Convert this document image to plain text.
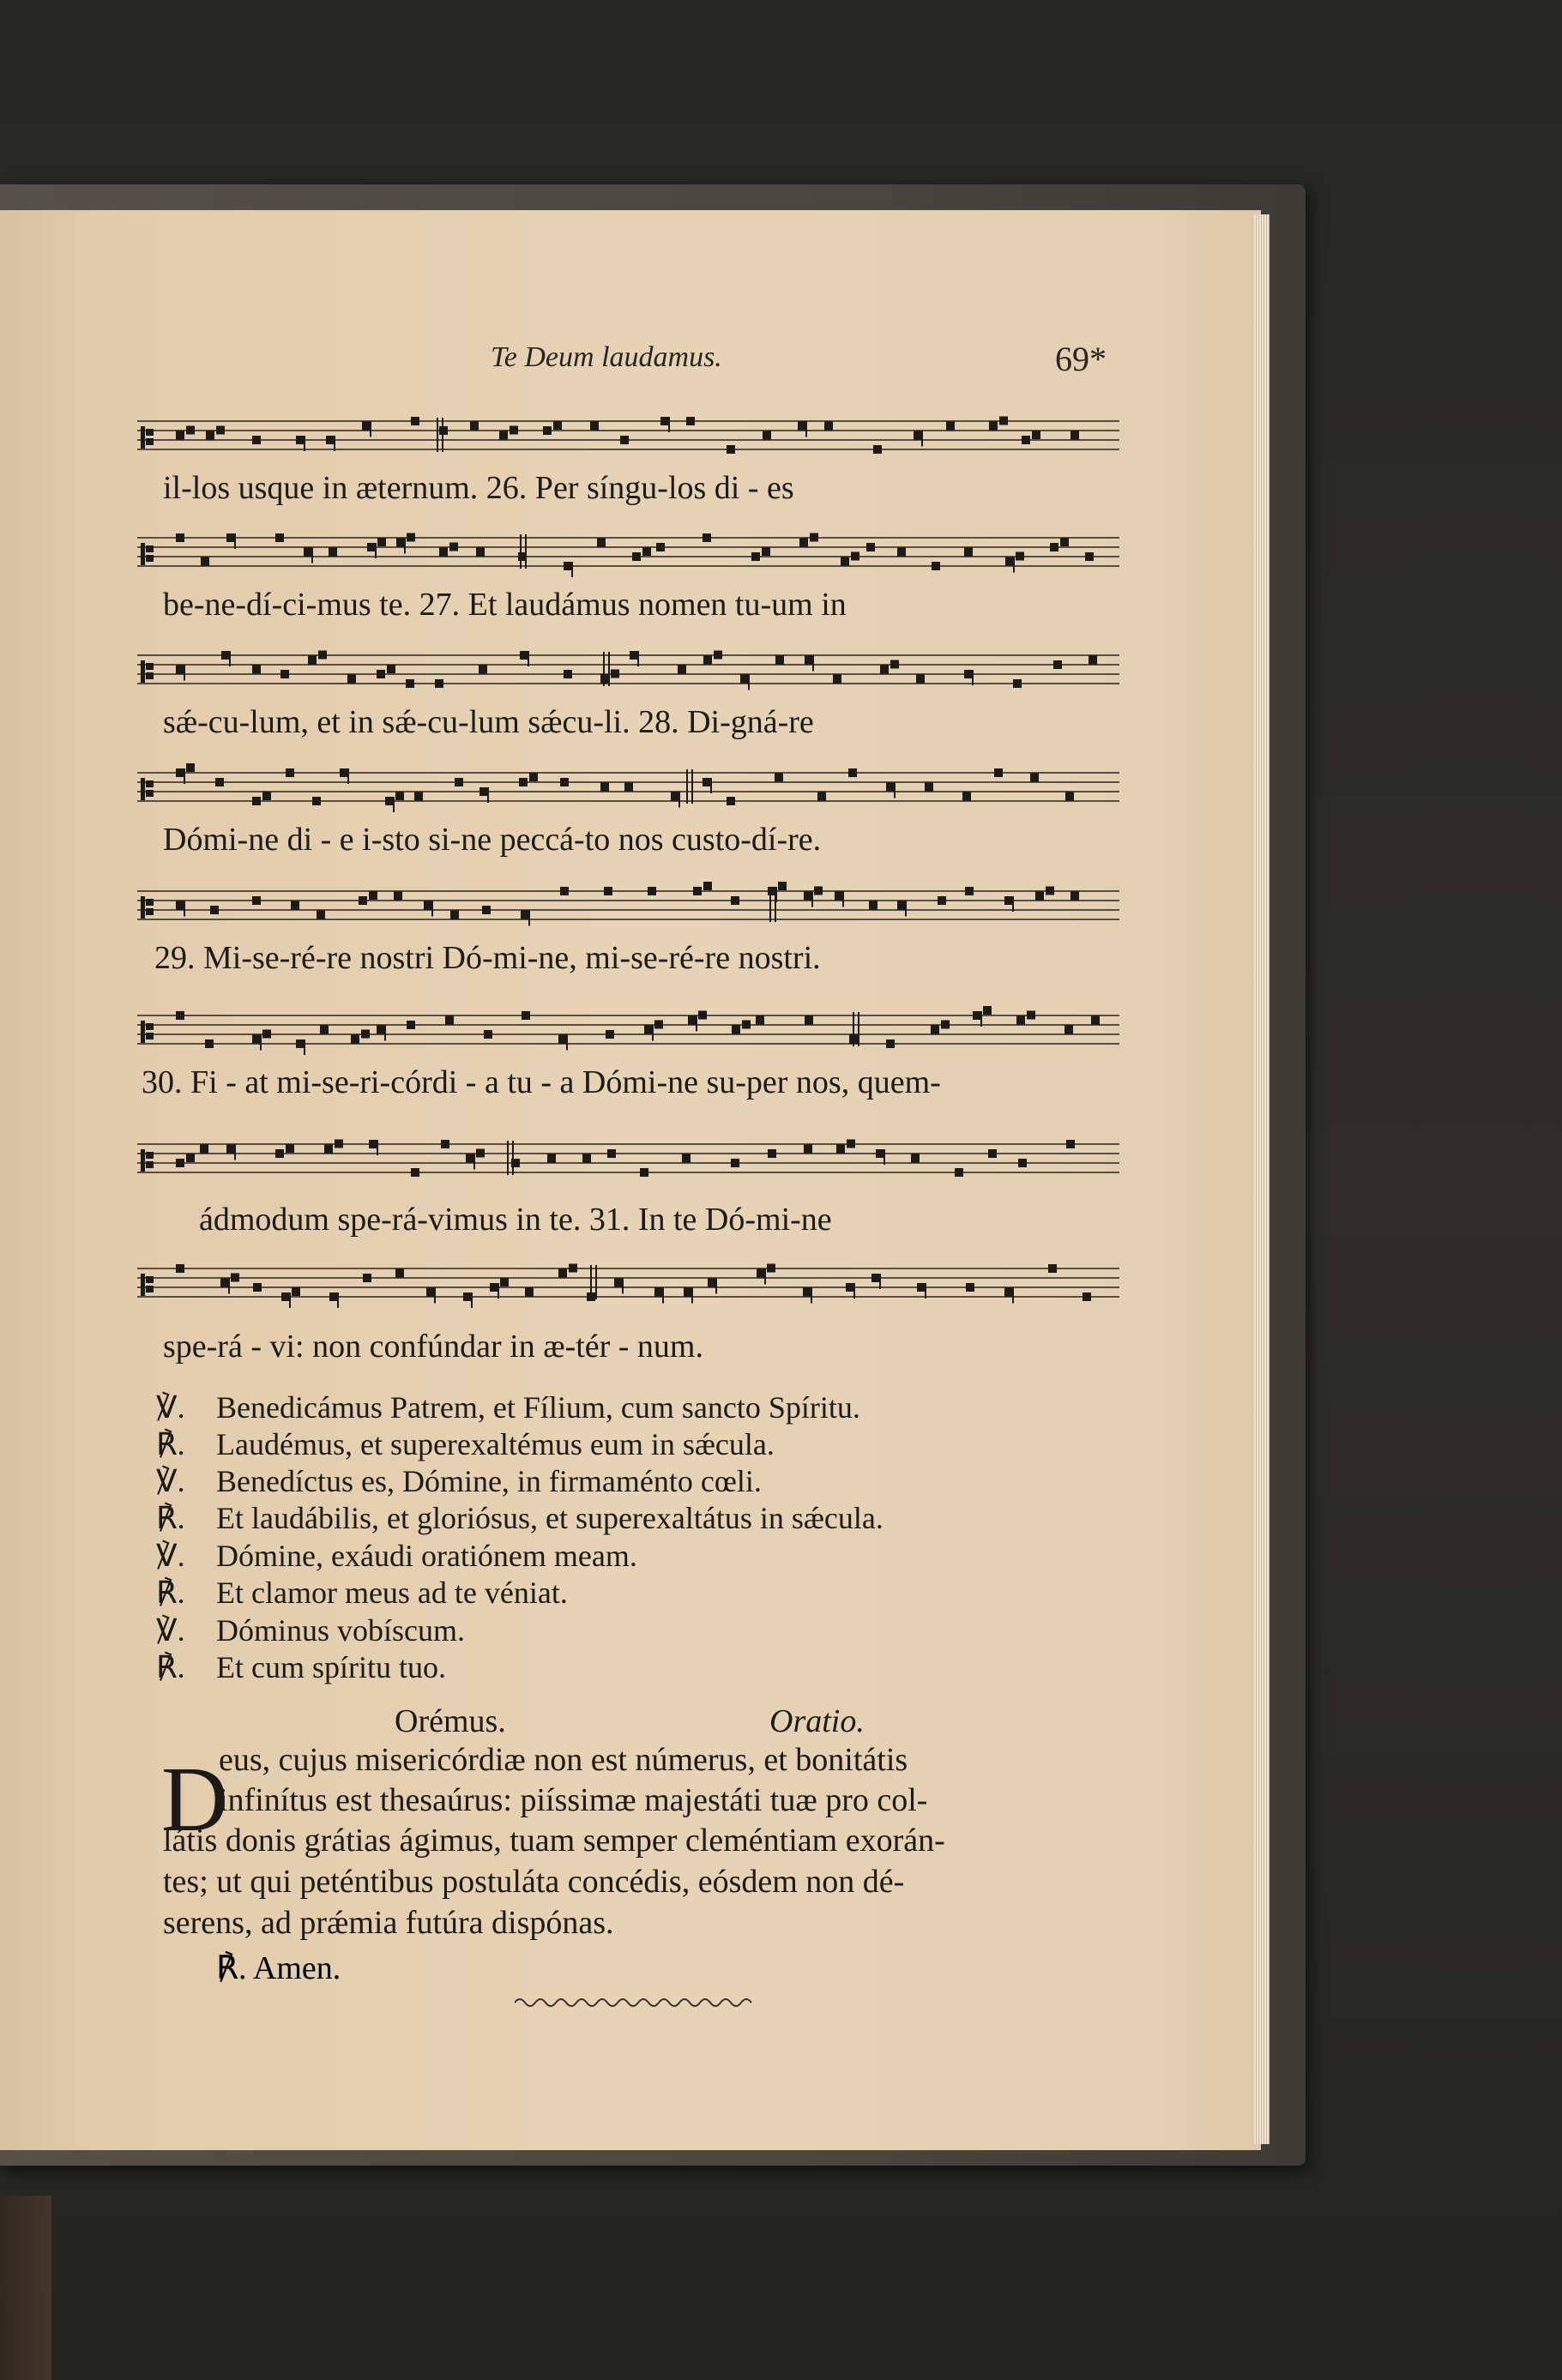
Te Deum laudamus.	69*
il-los usque in æternum. 26. Per síngu-los di - es
be-ne-dí-ci-mus te. 27. Et laudámus nomen tu-um in
sǽ-cu-lum, et in sǽ-cu-lum sǽcu-li. 28. Di-gná-re
Dómi-ne di - e i-sto si-ne peccá-to nos custo-dí-re.
29. Mi-se-ré-re nostri Dó-mi-ne, mi-se-ré-re nostri.
30. Fi - at mi-se-ri-córdi - a tu - a Dómi-ne su-per nos, quem-
ádmodum spe-rá-vimus in te. 31. In te Dó-mi-ne
spe-rá - vi: non confúndar in æ-tér - num.
℣. Benedicámus Patrem, et Fílium, cum sancto Spíritu.
℟. Laudémus, et superexaltémus eum in sǽcula.
℣. Benedíctus es, Dómine, in firmaménto cœli.
℟. Et laudábilis, et gloriósus, et superexaltátus in sǽcula.
℣. Dómine, exáudi oratiónem meam.
℟. Et clamor meus ad te véniat.
℣. Dóminus vobíscum.
℟. Et cum spíritu tuo.
Orémus.	Oratio.
D
eus, cujus misericórdiæ non est númerus, et bonitátis
infinítus est thesaúrus: piíssimæ majestáti tuæ pro col-
látis donis grátias ágimus, tuam semper cleméntiam exorán-
tes; ut qui peténtibus postuláta concédis, eósdem non dé-
serens, ad prǽmia futúra dispónas.
℟. Amen.
